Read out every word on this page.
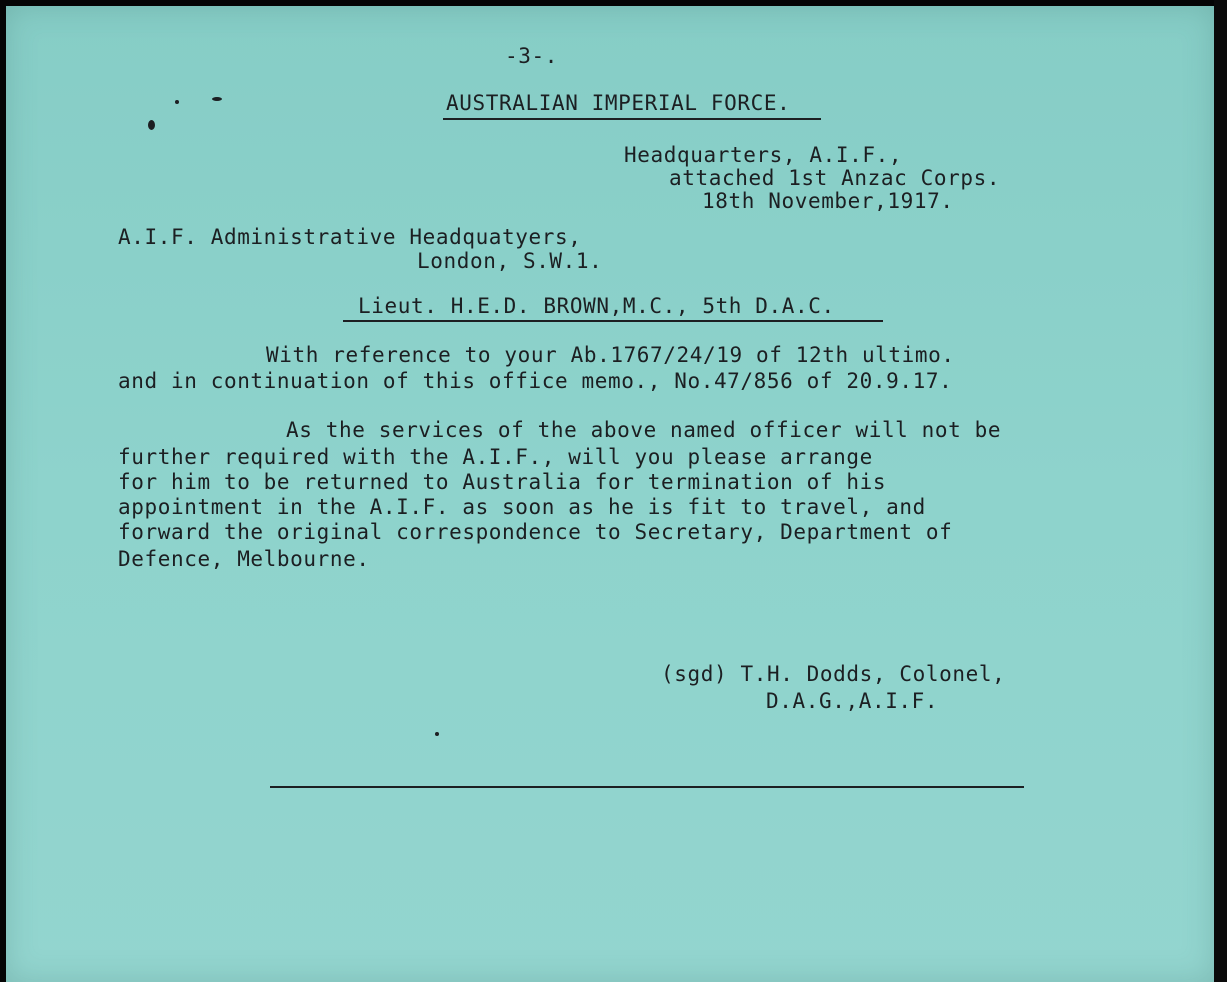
-3-.

AUSTRALIAN IMPERIAL FORCE.

Headquarters, A.I.F.,

attached 1st Anzac Corps.

18th November,1917.

A.I.F. Administrative Headquatyers,

London, S.W.1.

Lieut. H.E.D. BROWN,M.C., 5th D.A.C.

With reference to your Ab.1767/24/19 of 12th ultimo.

and in continuation of this office memo., No.47/856 of 20.9.17.

As the services of the above named officer will not be

further required with the A.I.F., will you please arrange

for him to be returned to Australia for termination of his

appointment in the A.I.F. as soon as he is fit to travel, and

forward the original correspondence to Secretary, Department of

Defence, Melbourne.

(sgd) T.H. Dodds, Colonel,

D.A.G.,A.I.F.
